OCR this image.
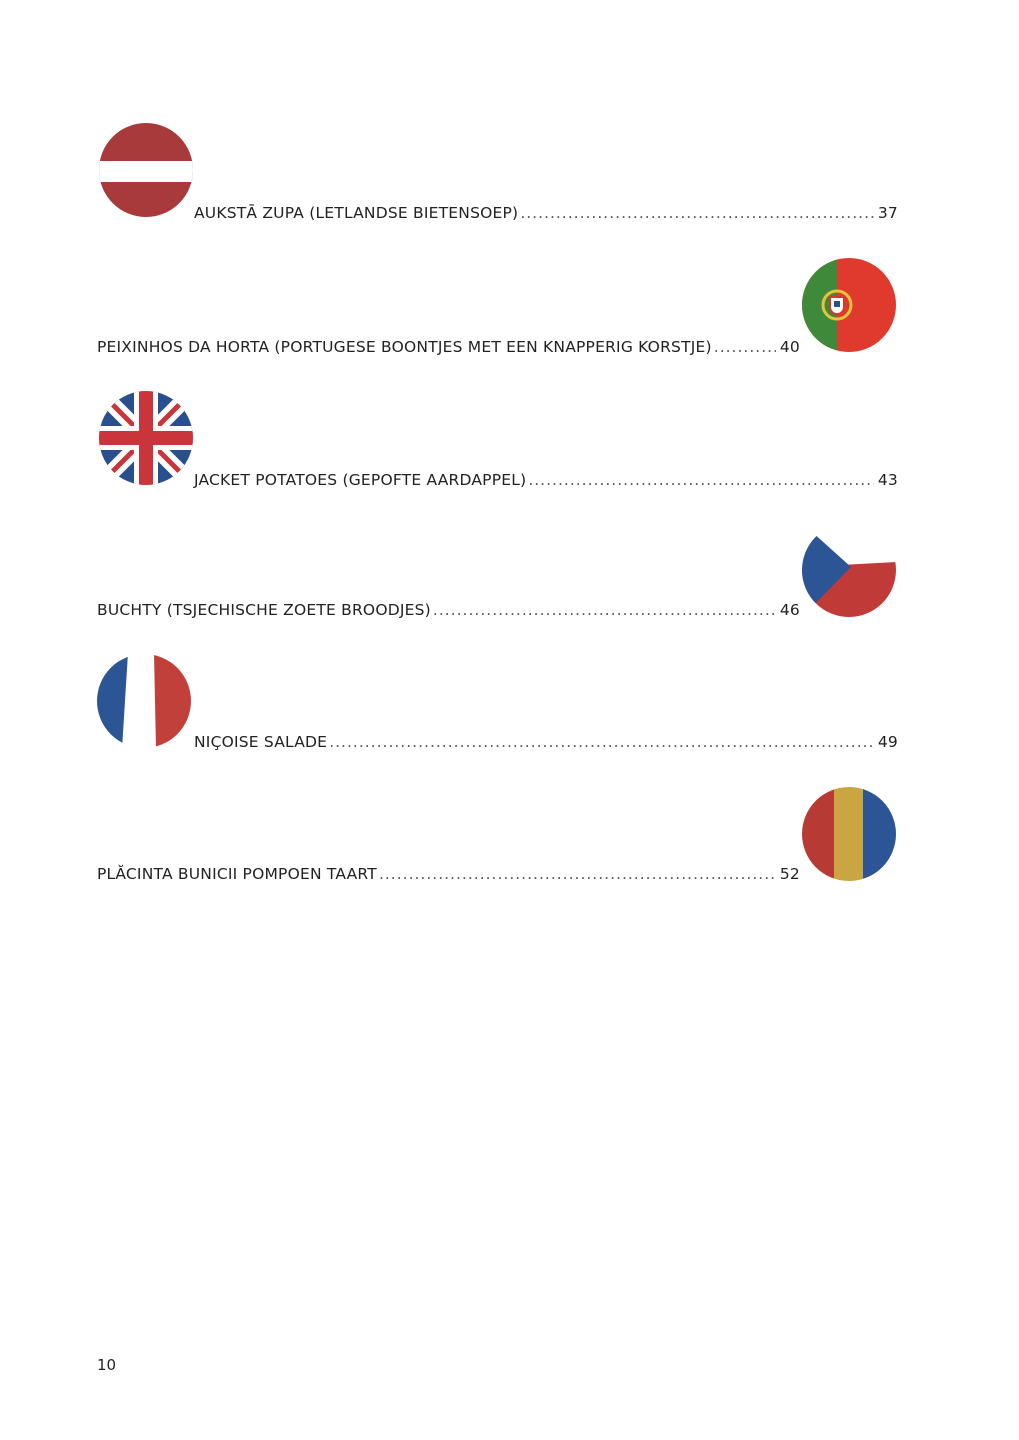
AUKSTĀ ZUPA (LETLANDSE BIETENSOEP) .....	37
PEIXINHOS DA HORTA (PORTUGESE BOONTJES MET EEN KNAPPERIG KORSTJE) .....	40
JACKET POTATOES (GEPOFTE AARDAPPEL) .....	43
BUCHTY (TSJECHISCHE ZOETE BROODJES) .....	46
NIÇOISE SALADE .....	49
PLĂCINTA BUNICII POMPOEN TAART .....	52
10
